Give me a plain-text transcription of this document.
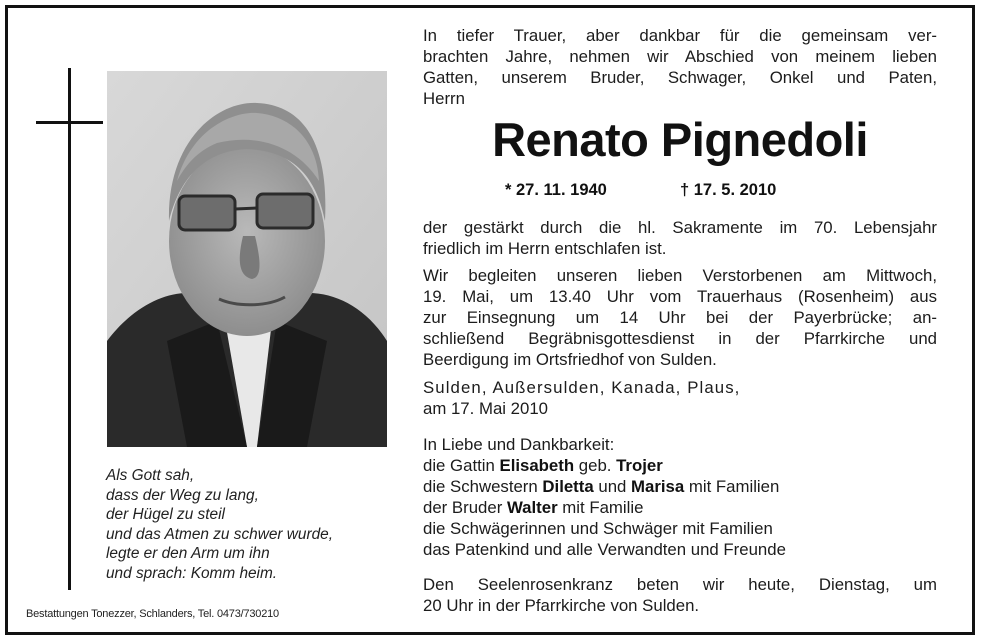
Als Gott sah,
dass der Weg zu lang,
der Hügel zu steil
und das Atmen zu schwer wurde,
legte er den Arm um ihn
und sprach: Komm heim.
Bestattungen Tonezzer, Schlanders, Tel. 0473/730210
In tiefer Trauer, aber dankbar für die gemeinsam ver-
brachten Jahre, nehmen wir Abschied von meinem lieben
Gatten, unserem Bruder, Schwager, Onkel und Paten,
Herrn
Renato Pignedoli
* 27. 11. 1940	† 17. 5. 2010
der gestärkt durch die hl. Sakramente im 70. Lebensjahr
friedlich im Herrn entschlafen ist.
Wir begleiten unseren lieben Verstorbenen am Mittwoch,
19. Mai, um 13.40 Uhr vom Trauerhaus (Rosenheim) aus
zur Einsegnung um 14 Uhr bei der Payerbrücke; an-
schließend Begräbnisgottesdienst in der Pfarrkirche und
Beerdigung im Ortsfriedhof von Sulden.
Sulden, Außersulden, Kanada, Plaus,
am 17. Mai 2010
In Liebe und Dankbarkeit:
die Gattin Elisabeth geb. Trojer
die Schwestern Diletta und Marisa mit Familien
der Bruder Walter mit Familie
die Schwägerinnen und Schwäger mit Familien
das Patenkind und alle Verwandten und Freunde
Den Seelenrosenkranz beten wir heute, Dienstag, um
20 Uhr in der Pfarrkirche von Sulden.
